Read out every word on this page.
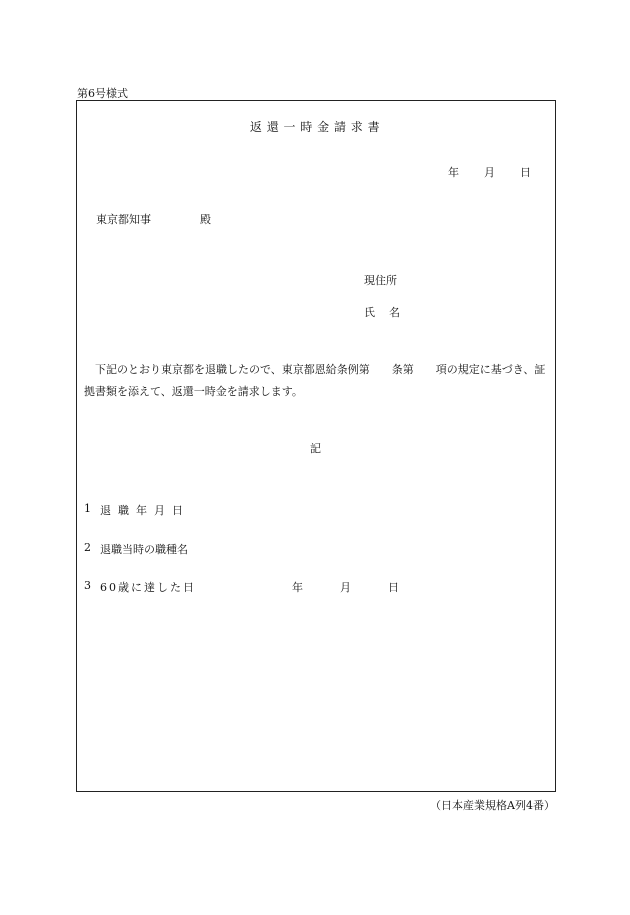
第6号様式
返 還 一 時 金 請 求 書
年 月 日
東京都知事	殿
現住所
氏名
下記のとおり東京都を退職したので、東京都恩給条例第　　条第　　項の規定に基づき、証拠書類を添えて、返還一時金を請求します。
記
1 退職年月日
2 退職当時の職種名
3 60歳に達した日	年	月	日
（日本産業規格A列4番）
